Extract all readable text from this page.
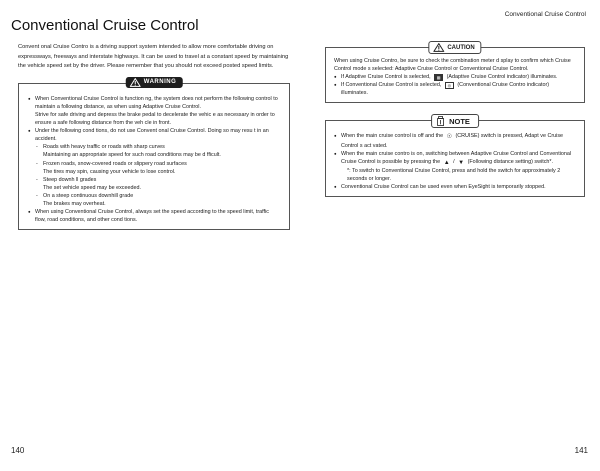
Conventional Cruise Control
Conventional Cruise Control

Convent onal Cruise Contro is a driving support system intended to allow more comfortable driving on expressways, freeways and interstate highways. It can be used to travel at a constant speed by maintaining the vehicle speed set by the driver. Please remember that you should not exceed posted speed limits.

WARNING
● When Conventional Cruise Control is function ng, the system does not perform the following control to maintain a following distance, as when using Adaptive Cruise Control.
Strive for safe driving and depress the brake pedal to decelerate the vehic e as necessary in order to ensure a safe following distance from the veh cle in front.
● Under the following cond tions, do not use Convent onal Cruise Control. Doing so may resu t in an accident.
- Roads with heavy traffic or roads with sharp curves
Maintaining an appropriate speed for such road conditions may be d fficult.
- Frozen roads, snow-covered roads or slippery road surfaces
The tires may spin, causing your vehicle to lose control.
- Steep downh ll grades
The set vehicle speed may be exceeded.
- On a steep continuous downhill grade
The brakes may overheat.
● When using Conventional Cruise Control, always set the speed according to the speed limit, traffic flow, road conditions, and other cond tions.
CAUTION

When using Cruise Contro, be sure to check the combination meter d splay to confirm which Cruise Control mode s selected: Adaptive Cruise Control or Conventional Cruise Control.

● If Adaptive Cruise Control is selected, ▦ (Adaptive Cruise Control indicator) illuminates.
● If Conventional Cruise Control is selected, ◎ (Conventional Cruise Contro indicator) illuminates.
NOTE
● When the main cruise control is off and the ☉ (CRUISE) switch is pressed, Adapt ve Cruise Control s act vated.
● When the main cruise contro is on, switching between Adaptive Cruise Control and Conventional Cruise Control is possible by pressing the ▲ / ▼ (Following distance setting) switch*.
*: To switch to Conventional Cruise Control, press and hold the switch for approximately 2 seconds or longer.
● Conventional Cruise Control can be used even when EyeSight is temporarily stopped.
140	141
